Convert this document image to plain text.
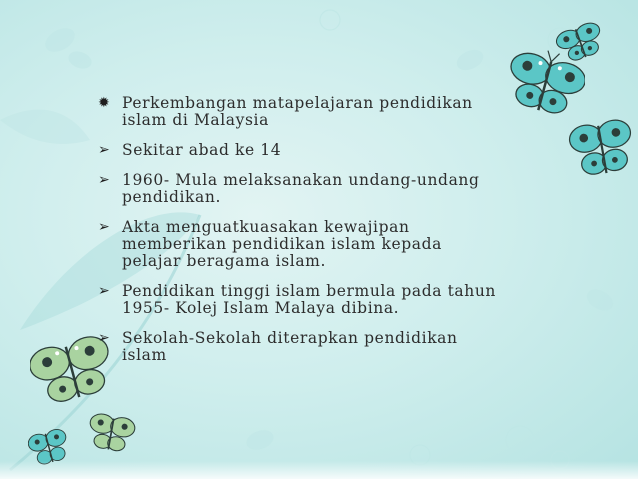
✹ Perkembangan matapelajaran pendidikan islam di Malaysia
➢ Sekitar abad ke 14
➢ 1960- Mula melaksanakan undang-undang pendidikan.
➢ Akta menguatkuasakan kewajipan memberikan pendidikan islam kepada pelajar beragama islam.
➢ Pendidikan tinggi islam bermula pada tahun 1955- Kolej Islam Malaya dibina.
➢ Sekolah-Sekolah diterapkan pendidikan islam
